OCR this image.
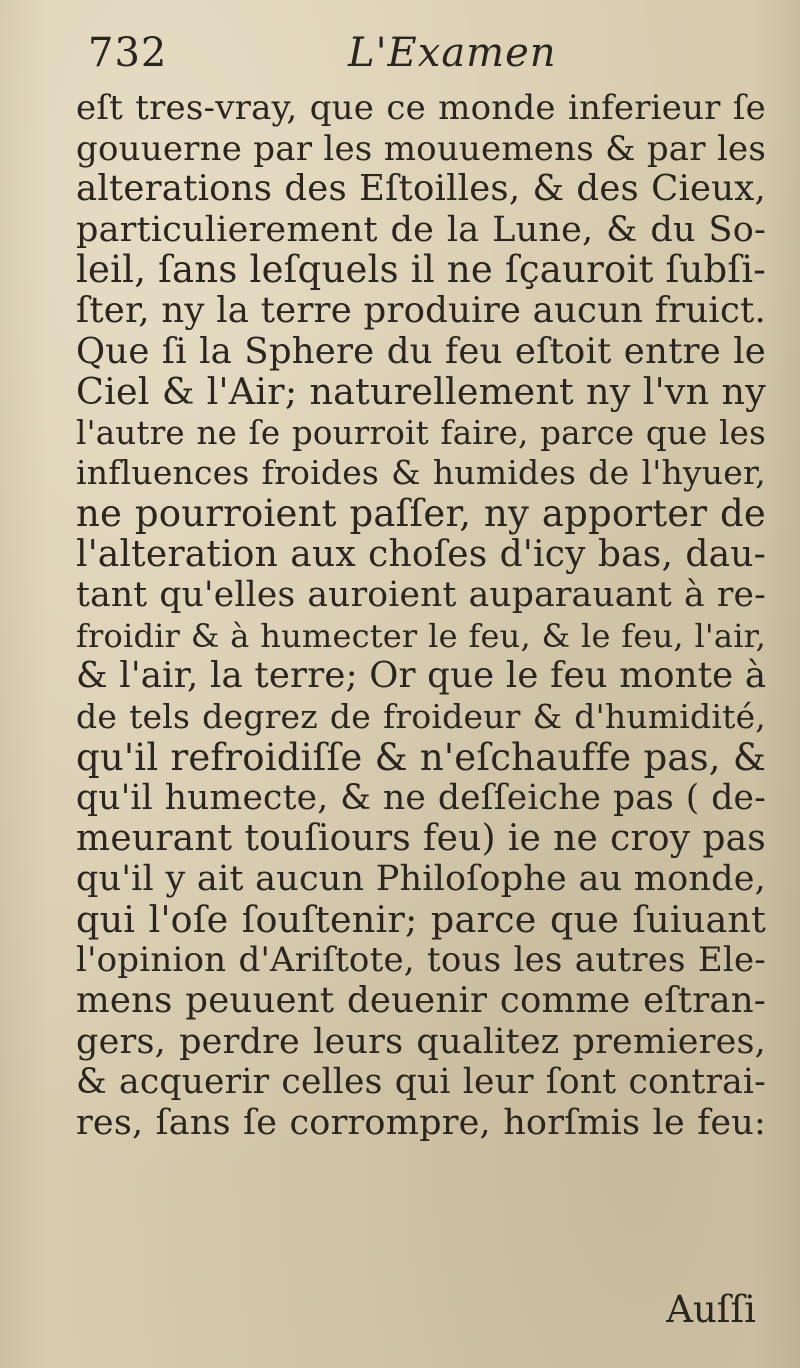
732	L'Examen
eſt tres-vray, que ce monde inferieur ſe
gouuerne par les mouuemens & par les
alterations des Eſtoilles, & des Cieux,
particulierement de la Lune, & du So-
leil, ſans leſquels il ne ſçauroit ſubſi-
ſter, ny la terre produire aucun fruict.
Que ſi la Sphere du feu eſtoit entre le
Ciel & l'Air; naturellement ny l'vn ny
l'autre ne ſe pourroit faire, parce que les
influences froides & humides de l'hyuer,
ne pourroient paſſer, ny apporter de
l'alteration aux choſes d'icy bas, dau-
tant qu'elles auroient auparauant à re-
froidir & à humecter le feu, & le feu, l'air,
& l'air, la terre; Or que le feu monte à
de tels degrez de froideur & d'humidité,
qu'il refroidiſſe & n'eſchauffe pas, &
qu'il humecte, & ne deſſeiche pas ( de-
meurant touſiours feu) ie ne croy pas
qu'il y ait aucun Philoſophe au monde,
qui l'oſe ſouſtenir; parce que ſuiuant
l'opinion d'Ariſtote, tous les autres Ele-
mens peuuent deuenir comme eſtran-
gers, perdre leurs qualitez premieres,
& acquerir celles qui leur ſont contrai-
res, ſans ſe corrompre, horſmis le feu:
Auſſi
